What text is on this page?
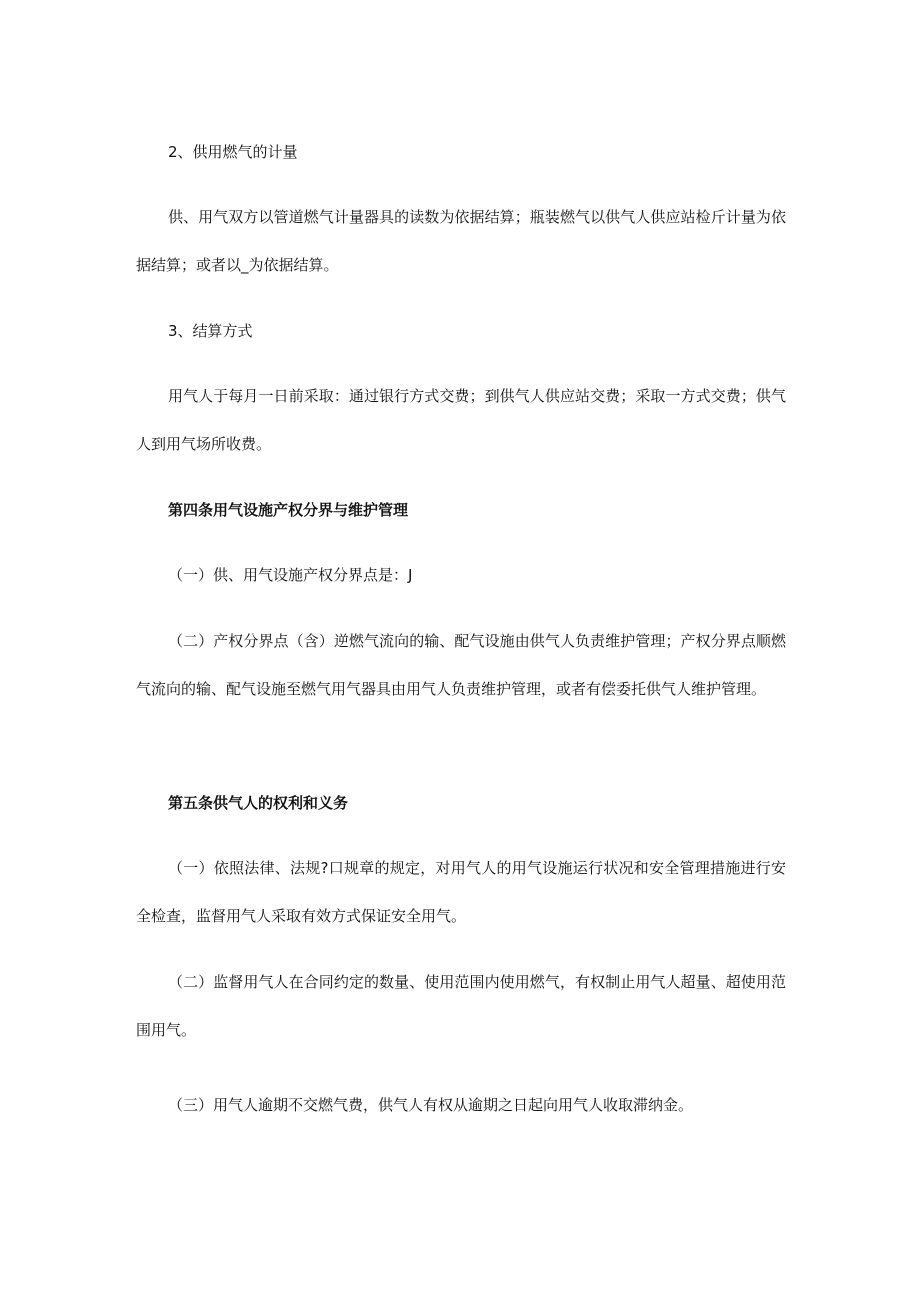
2、供用燃气的计量

供、用气双方以管道燃气计量器具的读数为依据结算；瓶装燃气以供气人供应站检斤计量为依据结算；或者以_为依据结算。

3、结算方式

用气人于每月一日前采取：通过银行方式交费；到供气人供应站交费；采取一方式交费；供气人到用气场所收费。

第四条用气设施产权分界与维护管理

（一）供、用气设施产权分界点是：J

（二）产权分界点（含）逆燃气流向的输、配气设施由供气人负责维护管理；产权分界点顺燃气流向的输、配气设施至燃气用气器具由用气人负责维护管理，或者有偿委托供气人维护管理。

第五条供气人的权利和义务

（一）依照法律、法规?口规章的规定，对用气人的用气设施运行状况和安全管理措施进行安全检查，监督用气人采取有效方式保证安全用气。

（二）监督用气人在合同约定的数量、使用范围内使用燃气，有权制止用气人超量、超使用范围用气。

（三）用气人逾期不交燃气费，供气人有权从逾期之日起向用气人收取滞纳金。
